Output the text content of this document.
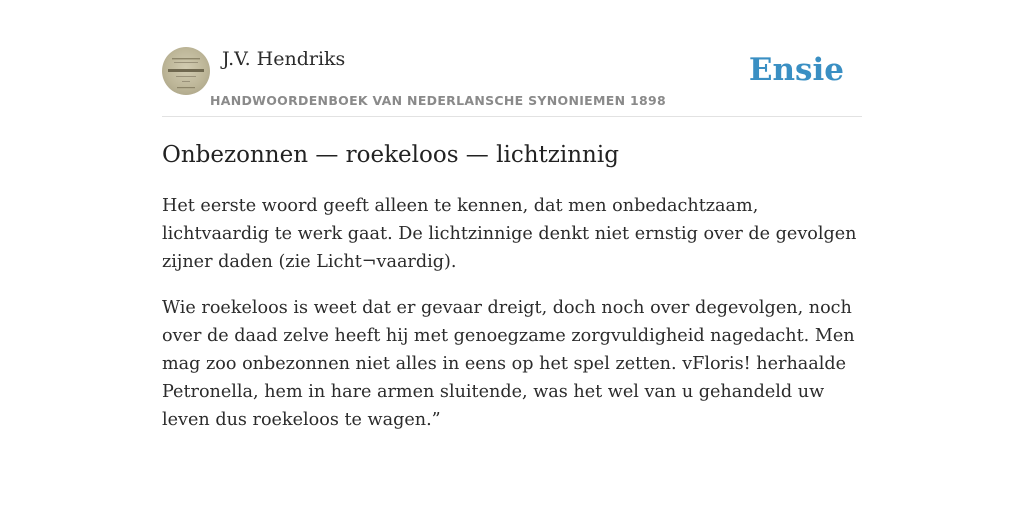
J.V. Hendriks
HANDWOORDENBOEK VAN NEDERLANSCHE SYNONIEMEN 1898
Ensie
Onbezonnen — roekeloos — lichtzinnig

Het eerste woord geeft alleen te kennen, dat men onbedachtzaam, lichtvaardig te werk gaat. De lichtzinnige denkt niet ernstig over de gevolgen zijner daden (zie Licht¬vaardig).

Wie roekeloos is weet dat er gevaar dreigt, doch noch over degevolgen, noch over de daad zelve heeft hij met genoegzame zorgvuldigheid nagedacht. Men mag zoo onbezonnen niet alles in eens op het spel zetten. vFloris! herhaalde Petronella, hem in hare armen sluitende, was het wel van u gehandeld uw leven dus roekeloos te wagen.”
